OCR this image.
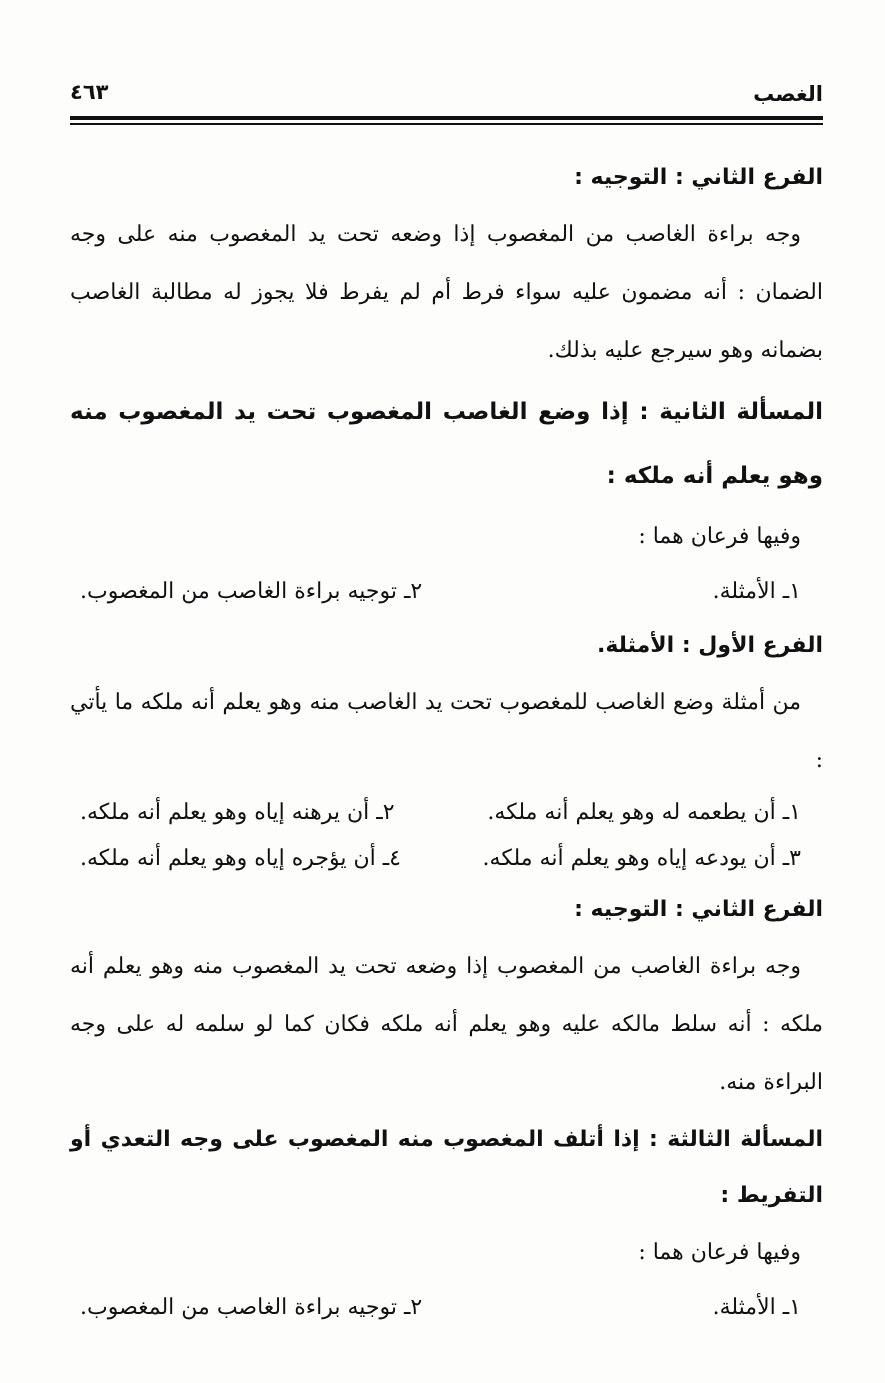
الغصب
٤٦٣

الفرع الثاني : التوجيه :

وجه براءة الغاصب من المغصوب إذا وضعه تحت يد المغصوب منه على وجه الضمان : أنه مضمون عليه سواء فرط أم لم يفرط فلا يجوز له مطالبة الغاصب بضمانه وهو سيرجع عليه بذلك.

المسألة الثانية : إذا وضع الغاصب المغصوب تحت يد المغصوب منه وهو يعلم أنه ملكه :

وفيها فرعان هما :

١ـ الأمثلة.
٢ـ توجيه براءة الغاصب من المغصوب.

الفرع الأول : الأمثلة.

من أمثلة وضع الغاصب للمغصوب تحت يد الغاصب منه وهو يعلم أنه ملكه ما يأتي :

١ـ أن يطعمه له وهو يعلم أنه ملكه.
٢ـ أن يرهنه إياه وهو يعلم أنه ملكه.
٣ـ أن يودعه إياه وهو يعلم أنه ملكه.
٤ـ أن يؤجره إياه وهو يعلم أنه ملكه.

الفرع الثاني : التوجيه :

وجه براءة الغاصب من المغصوب إذا وضعه تحت يد المغصوب منه وهو يعلم أنه ملكه : أنه سلط مالكه عليه وهو يعلم أنه ملكه فكان كما لو سلمه له على وجه البراءة منه.

المسألة الثالثة : إذا أتلف المغصوب منه المغصوب على وجه التعدي أو التفريط :

وفيها فرعان هما :

١ـ الأمثلة.
٢ـ توجيه براءة الغاصب من المغصوب.
